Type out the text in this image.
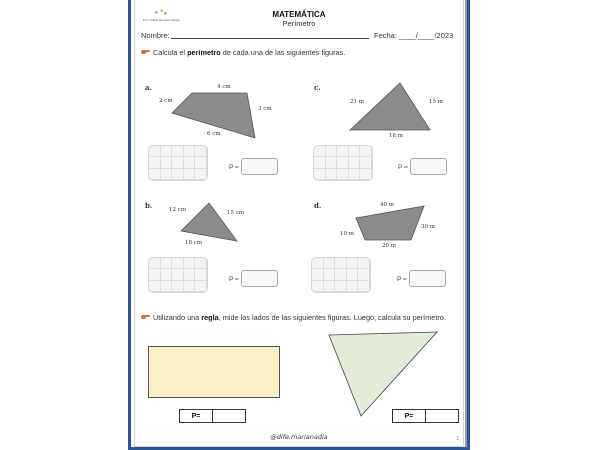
Pro's Pablo Neruda Colegio
MATEMÁTICA
Perímetro
Nombre:	Fecha: ____/____/2023
Calcula el perímetro de cada una de las siguientes figuras.
a.	4 cm
2 cm
3 cm
6 cm
P =
c.
21 m	15 m
18 m
P =
b.	12 cm	15 cm
18 cm
P =
d.	40 m
10 m
30 m
20 m
P =
Utilizando una regla, mide los lados de las siguientes figuras. Luego, calcula su perímetro.
P=	P=
@dife.marianadia	1
